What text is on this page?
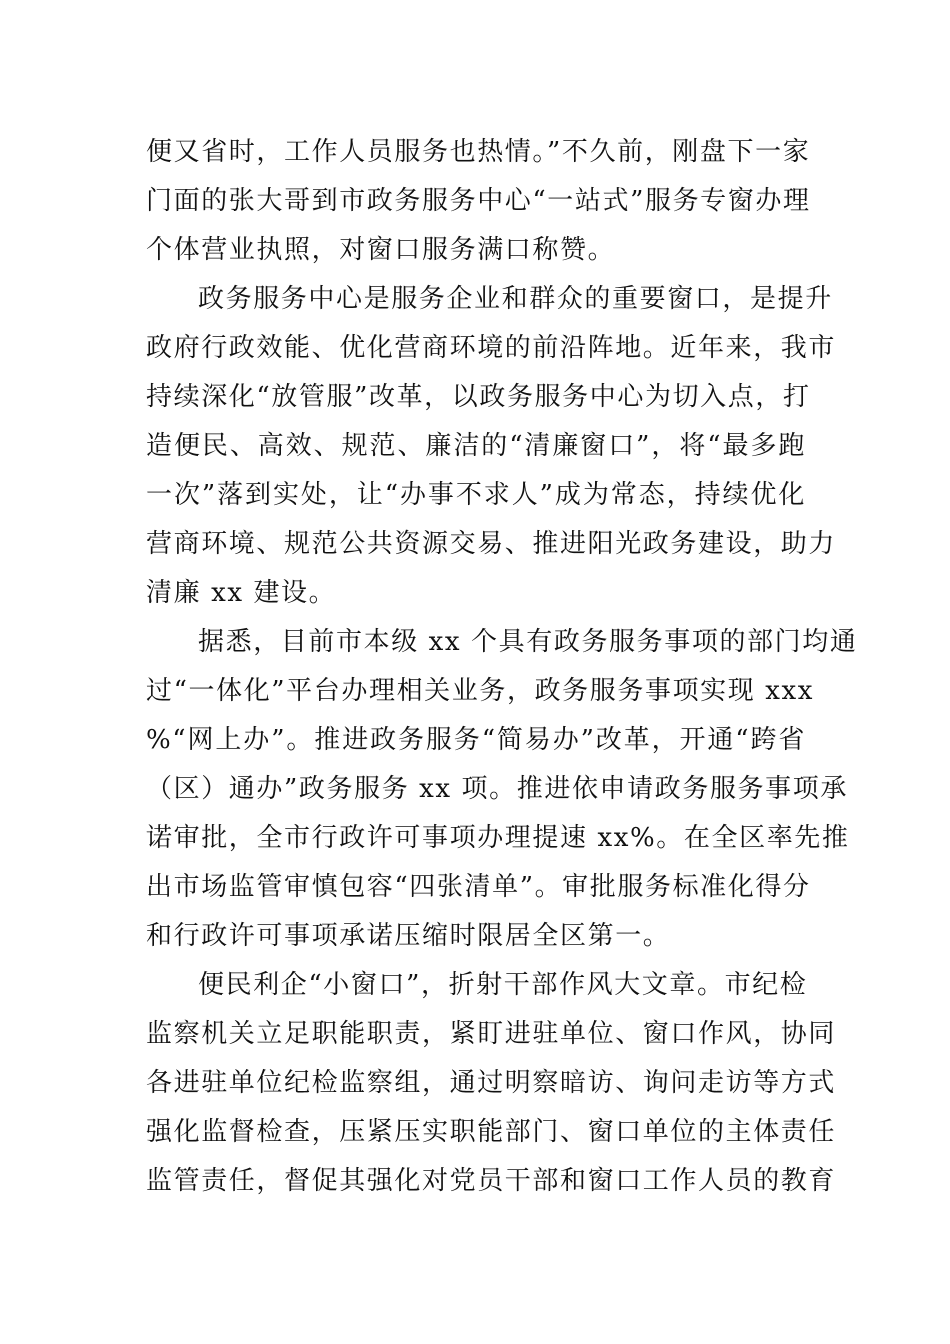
便又省时，工作人员服务也热情。”不久前，刚盘下一家
门面的张大哥到市政务服务中心“一站式”服务专窗办理
个体营业执照，对窗口服务满口称赞。
政务服务中心是服务企业和群众的重要窗口，是提升
政府行政效能、优化营商环境的前沿阵地。近年来，我市
持续深化“放管服”改革，以政务服务中心为切入点，打
造便民、高效、规范、廉洁的“清廉窗口”，将“最多跑
一次”落到实处，让“办事不求人”成为常态，持续优化
营商环境、规范公共资源交易、推进阳光政务建设，助力
清廉 xx 建设。
据悉，目前市本级 xx 个具有政务服务事项的部门均通
过“一体化”平台办理相关业务，政务服务事项实现 xxx
%“网上办”。推进政务服务“简易办”改革，开通“跨省
（区）通办”政务服务 xx 项。推进依申请政务服务事项承
诺审批，全市行政许可事项办理提速 xx%。在全区率先推
出市场监管审慎包容“四张清单”。审批服务标准化得分
和行政许可事项承诺压缩时限居全区第一。
便民利企“小窗口”，折射干部作风大文章。市纪检
监察机关立足职能职责，紧盯进驻单位、窗口作风，协同
各进驻单位纪检监察组，通过明察暗访、询问走访等方式
强化监督检查，压紧压实职能部门、窗口单位的主体责任
监管责任，督促其强化对党员干部和窗口工作人员的教育
